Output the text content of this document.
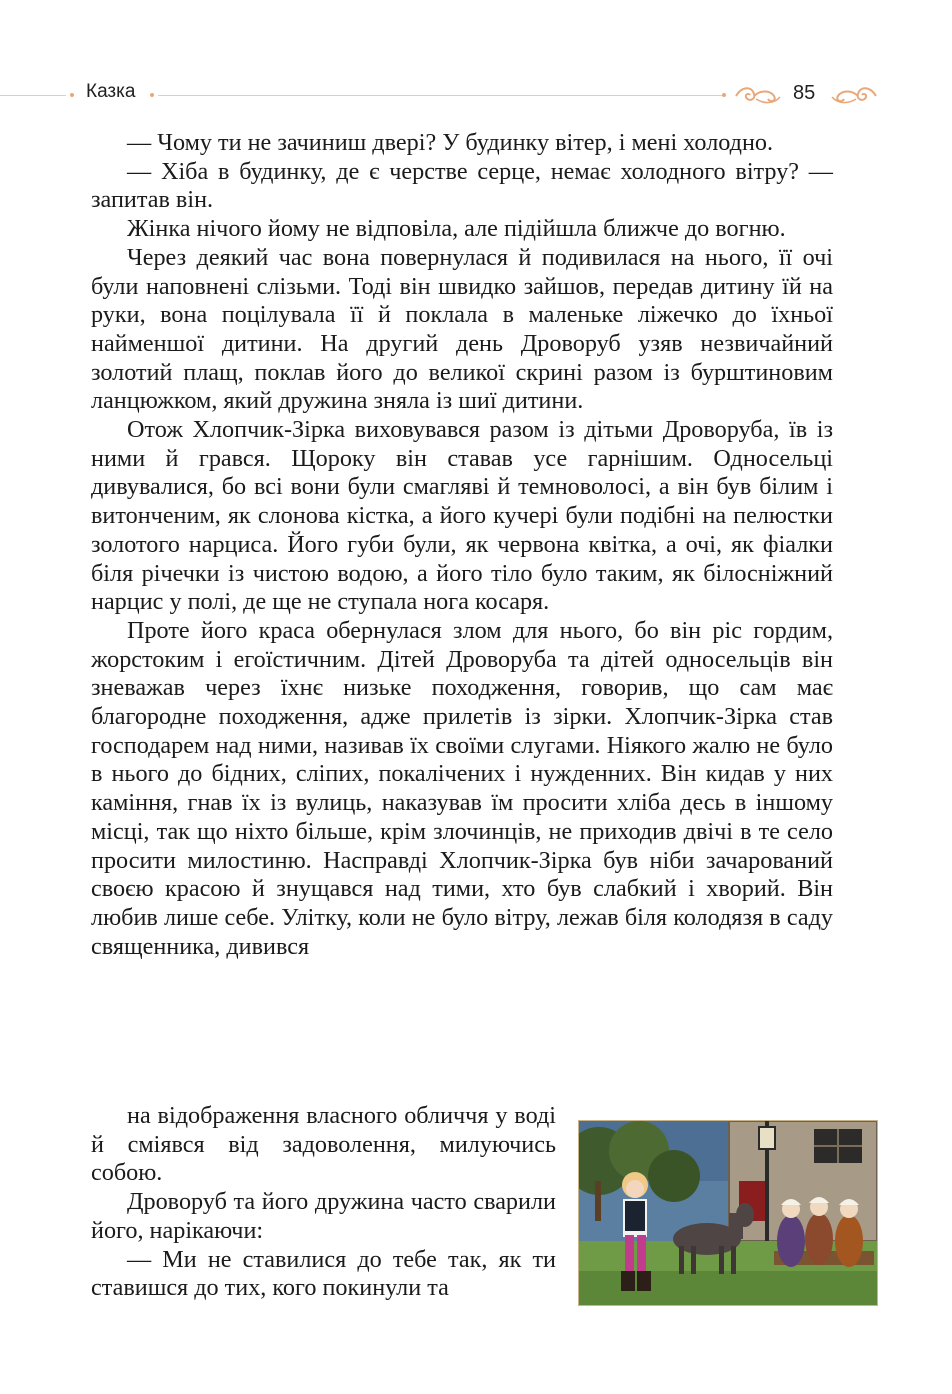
Казка	85

— Чому ти не зачиниш двері? У будинку вітер, і мені холодно.

— Хіба в будинку, де є черстве серце, немає холодного вітру? — запитав він.

Жінка нічого йому не відповіла, але підійшла ближче до вогню.

Через деякий час вона повернулася й подивилася на нього, її очі були наповнені слізьми. Тоді він швидко зайшов, передав дитину їй на руки, вона поцілувала її й поклала в маленьке ліжечко до їхньої найменшої дитини. На другий день Дроворуб узяв незвичайний золотий плащ, поклав його до великої скрині разом із бурштиновим ланцюжком, який дружина зняла із шиї дитини.

Отож Хлопчик-Зірка виховувався разом із дітьми Дроворуба, їв із ними й грався. Щороку він ставав усе гарнішим. Односельці дивувалися, бо всі вони були смагляві й темноволосі, а він був білим і витонченим, як слонова кістка, а його кучері були подібні на пелюстки золотого нарциса. Його губи були, як червона квітка, а очі, як фіалки біля річечки із чистою водою, а його тіло було таким, як білосніжний нарцис у полі, де ще не ступала нога косаря.

Проте його краса обернулася злом для нього, бо він ріс гордим, жорстоким і егоїстичним. Дітей Дроворуба та дітей односельців він зневажав через їхнє низьке походження, говорив, що сам має благородне походження, адже прилетів із зірки. Хлопчик-Зірка став господарем над ними, називав їх своїми слугами. Ніякого жалю не було в нього до бідних, сліпих, покалічених і нужденних. Він кидав у них каміння, гнав їх із вулиць, наказував їм просити хліба десь в іншому місці, так що ніхто більше, крім злочинців, не приходив двічі в те село просити милостиню. Насправді Хлопчик-Зірка був ніби зачарований своєю красою й знущався над тими, хто був слабкий і хворий. Він любив лише себе. Улітку, коли не було вітру, лежав біля колодязя в саду священника, дивився

на відображення власного обличчя у воді й сміявся від задоволення, милуючись собою.

Дроворуб та його дружина часто сварили його, нарікаючи:

— Ми не ставилися до тебе так, як ти ставишся до тих, кого покинули та
